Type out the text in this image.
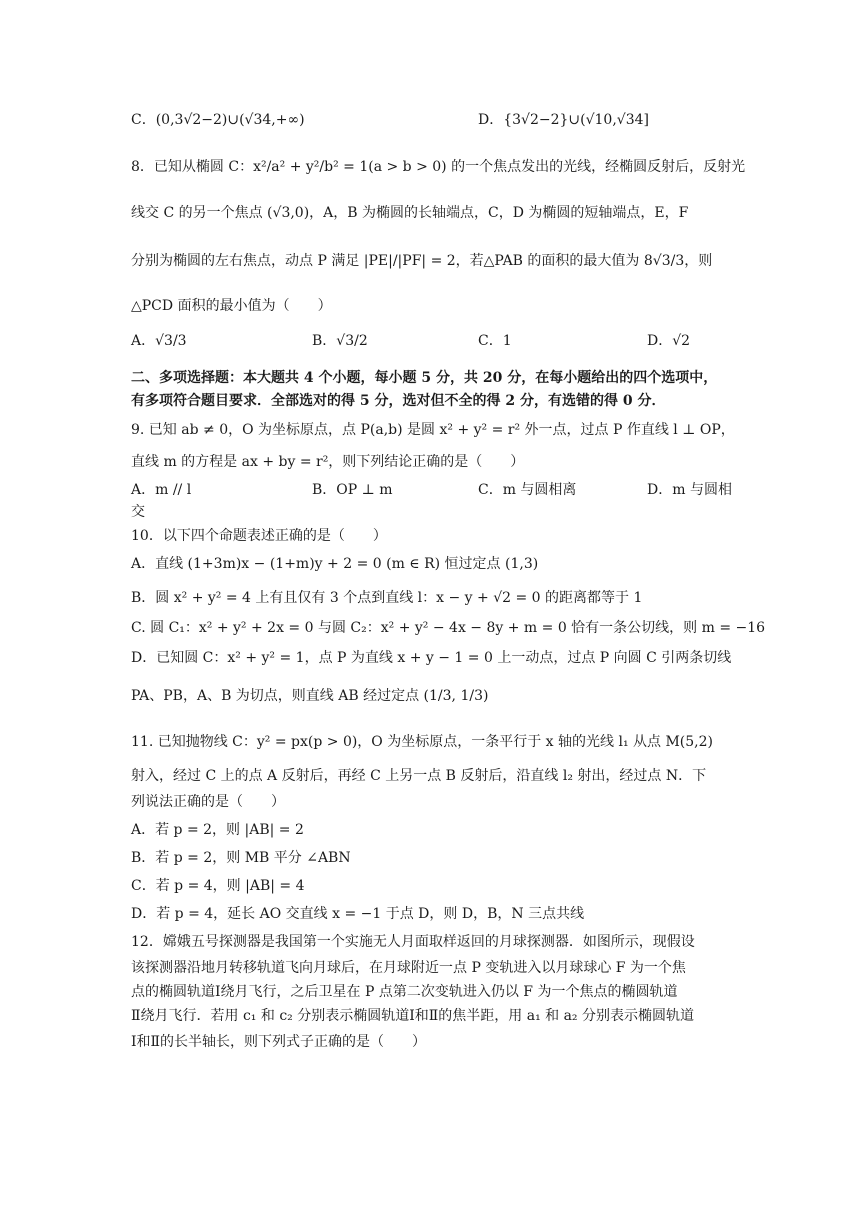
C．(0,3√2−2)∪(√34,+∞)	D．{3√2−2}∪(√10,√34]
8．已知从椭圆 C：x²/a² + y²/b² = 1(a > b > 0) 的一个焦点发出的光线，经椭圆反射后，反射光
线交 C 的另一个焦点 (√3,0)，A，B 为椭圆的长轴端点，C，D 为椭圆的短轴端点，E，F
分别为椭圆的左右焦点，动点 P 满足 |PE|/|PF| = 2，若△PAB 的面积的最大值为 8√3/3，则
△PCD 面积的最小值为（　　）
A．√3/3	B．√3/2	C．1	D．√2
二、多项选择题：本大题共 4 个小题，每小题 5 分，共 20 分，在每小题给出的四个选项中，
有多项符合题目要求．全部选对的得 5 分，选对但不全的得 2 分，有选错的得 0 分．
9. 已知 ab ≠ 0，O 为坐标原点，点 P(a,b) 是圆 x² + y² = r² 外一点，过点 P 作直线 l ⊥ OP，
直线 m 的方程是 ax + by = r²，则下列结论正确的是（　　）
A．m // l	B．OP ⊥ m	C．m 与圆相离	D．m 与圆相
交
10．以下四个命题表述正确的是（　　）
A．直线 (1+3m)x − (1+m)y + 2 = 0 (m ∈ R) 恒过定点 (1,3)
B．圆 x² + y² = 4 上有且仅有 3 个点到直线 l：x − y + √2 = 0 的距离都等于 1
C. 圆 C₁：x² + y² + 2x = 0 与圆 C₂：x² + y² − 4x − 8y + m = 0 恰有一条公切线，则 m = −16
D．已知圆 C：x² + y² = 1，点 P 为直线 x + y − 1 = 0 上一动点，过点 P 向圆 C 引两条切线
PA、PB，A、B 为切点，则直线 AB 经过定点 (1/3, 1/3)
11. 已知抛物线 C：y² = px(p > 0)，O 为坐标原点，一条平行于 x 轴的光线 l₁ 从点 M(5,2)
射入，经过 C 上的点 A 反射后，再经 C 上另一点 B 反射后，沿直线 l₂ 射出，经过点 N．下
列说法正确的是（　　）
A．若 p = 2，则 |AB| = 2
B．若 p = 2，则 MB 平分 ∠ABN
C．若 p = 4，则 |AB| = 4
D．若 p = 4，延长 AO 交直线 x = −1 于点 D，则 D，B，N 三点共线
12．嫦娥五号探测器是我国第一个实施无人月面取样返回的月球探测器．如图所示，现假设
该探测器沿地月转移轨道飞向月球后，在月球附近一点 P 变轨进入以月球球心 F 为一个焦
点的椭圆轨道Ⅰ绕月飞行，之后卫星在 P 点第二次变轨进入仍以 F 为一个焦点的椭圆轨道
Ⅱ绕月飞行．若用 c₁ 和 c₂ 分别表示椭圆轨道Ⅰ和Ⅱ的焦半距，用 a₁ 和 a₂ 分别表示椭圆轨道
Ⅰ和Ⅱ的长半轴长，则下列式子正确的是（　　）
